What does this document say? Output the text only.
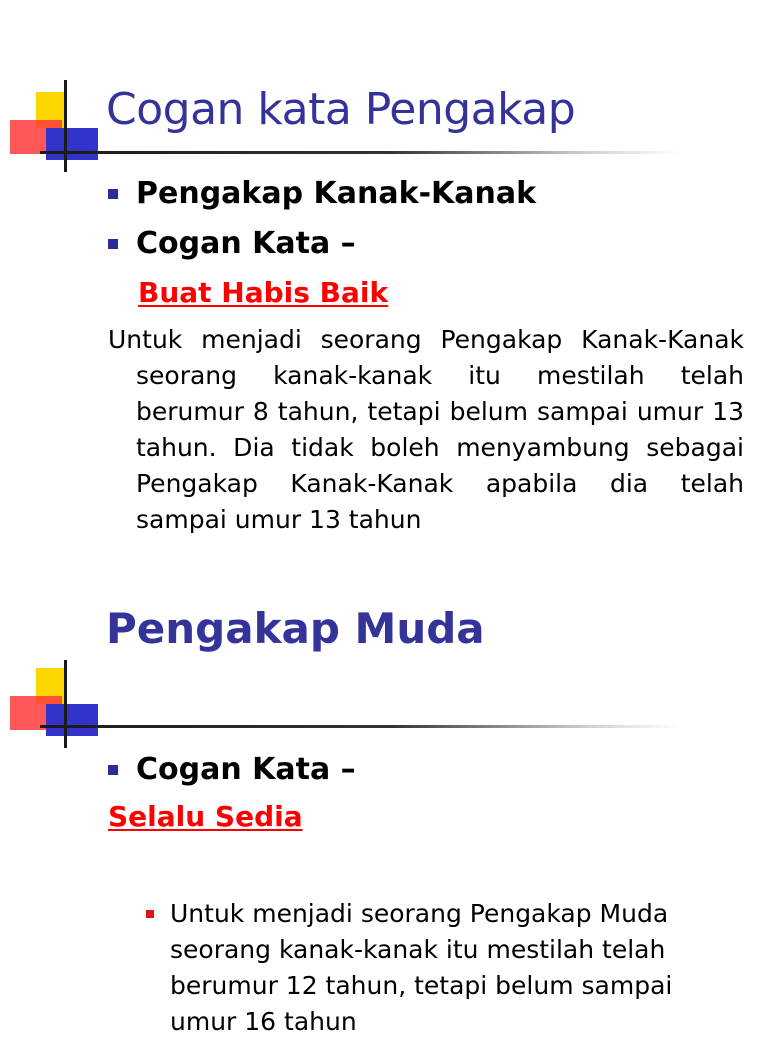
Cogan kata Pengakap
Pengakap Kanak-Kanak
Cogan Kata –
Buat Habis Baik

Untuk menjadi seorang Pengakap Kanak-Kanak seorang kanak-kanak itu mestilah telah berumur 8 tahun, tetapi belum sampai umur 13 tahun. Dia tidak boleh menyambung sebagai Pengakap Kanak-Kanak apabila dia telah sampai umur 13 tahun

Pengakap Muda
Cogan Kata –
Selalu Sedia

Untuk menjadi seorang Pengakap Muda seorang kanak-kanak itu mestilah telah berumur 12 tahun, tetapi belum sampai umur 16 tahun
